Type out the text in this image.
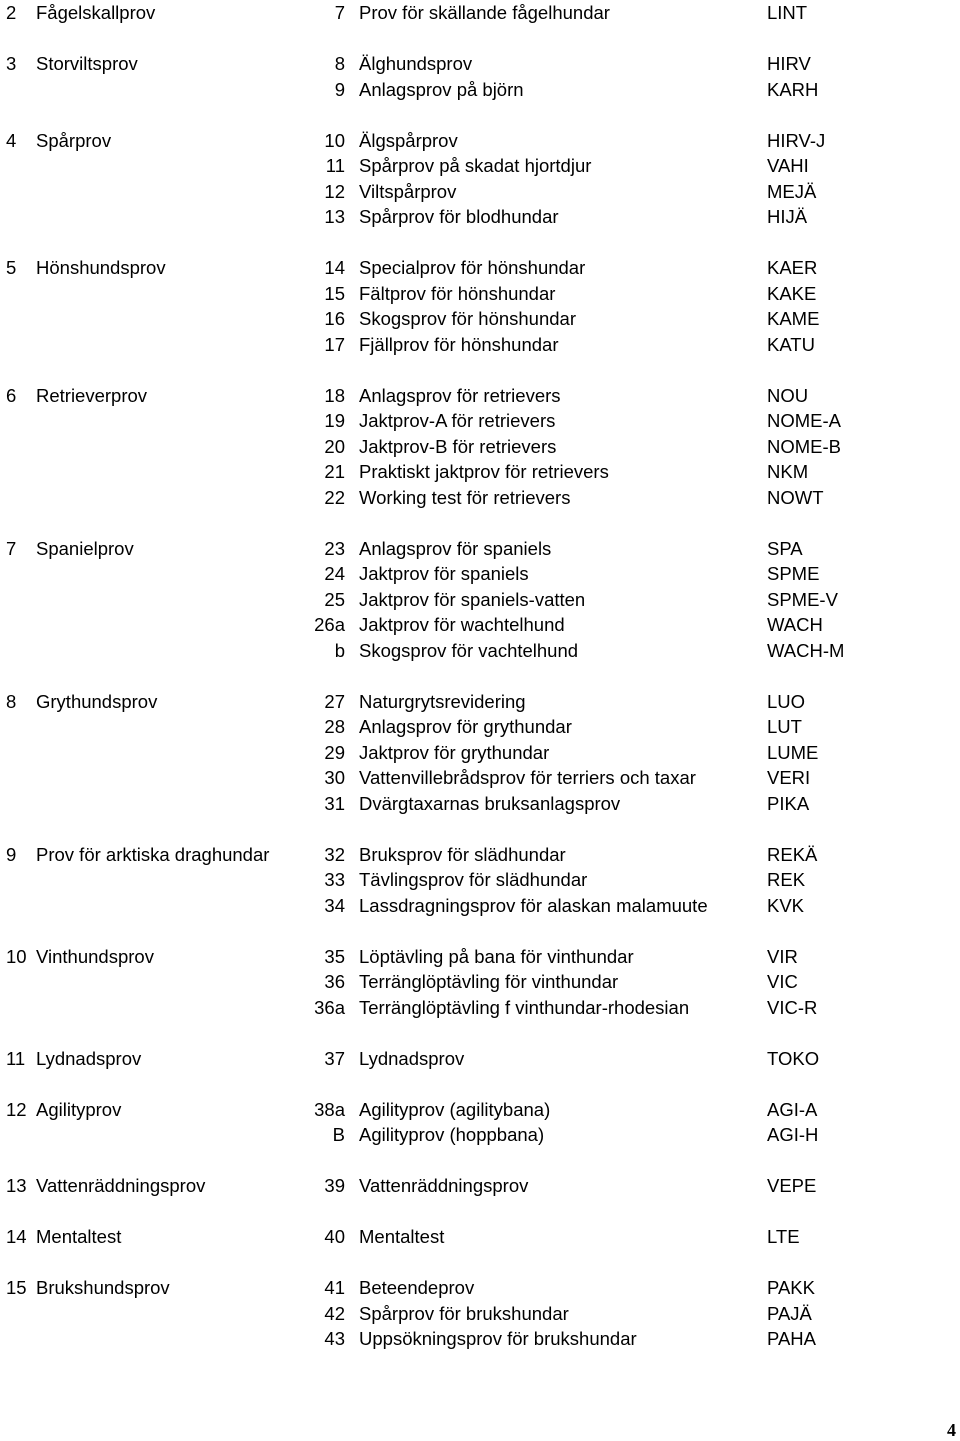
2 Fågelskallprov	7 Prov för skällande fågelhundar	LINT
3 Storviltsprov	8 Älghundsprov	HIRV
9 Anlagsprov på björn	KARH
4 Spårprov	10 Älgspårprov	HIRV-J
11 Spårprov på skadat hjortdjur	VAHI
12 Viltspårprov	MEJÄ
13 Spårprov för blodhundar	HIJÄ
5 Hönshundsprov	14 Specialprov för hönshundar	KAER
15 Fältprov för hönshundar	KAKE
16 Skogsprov för hönshundar	KAME
17 Fjällprov för hönshundar	KATU
6 Retrieverprov	18 Anlagsprov för retrievers	NOU
19 Jaktprov-A för retrievers	NOME-A
20 Jaktprov-B för retrievers	NOME-B
21 Praktiskt jaktprov för retrievers	NKM
22 Working test för retrievers	NOWT
7 Spanielprov	23 Anlagsprov för spaniels	SPA
24 Jaktprov för spaniels	SPME
25 Jaktprov för spaniels-vatten	SPME-V
26a Jaktprov för wachtelhund	WACH
b Skogsprov för vachtelhund	WACH-M
8 Grythundsprov	27 Naturgrytsrevidering	LUO
28 Anlagsprov för grythundar	LUT
29 Jaktprov för grythundar	LUME
30 Vattenvillebrådsprov för terriers och taxar	VERI
31 Dvärgtaxarnas bruksanlagsprov	PIKA
9 Prov för arktiska draghundar	32 Bruksprov för slädhundar	REKÄ
33 Tävlingsprov för slädhundar	REK
34 Lassdragningsprov för alaskan malamuute	KVK
10 Vinthundsprov	35 Löptävling på bana för vinthundar	VIR
36 Terrängl​öptävling för vinthundar	VIC
36a Terrängl​öptävling f vinthundar-rhodesian	VIC-R
11 Lydnadsprov	37 Lydnadsprov	TOKO
12 Agilityprov	38a Agilityprov (agilitybana)	AGI-A
B Agilityprov (hoppbana)	AGI-H
13 Vattenräddningsprov	39 Vattenräddningsprov	VEPE
14 Mentaltest	40 Mentaltest	LTE
15 Brukshundsprov	41 Beteendeprov	PAKK
42 Spårprov för brukshundar	PAJÄ
43 Uppsökningsprov för brukshundar	PAHA
4
